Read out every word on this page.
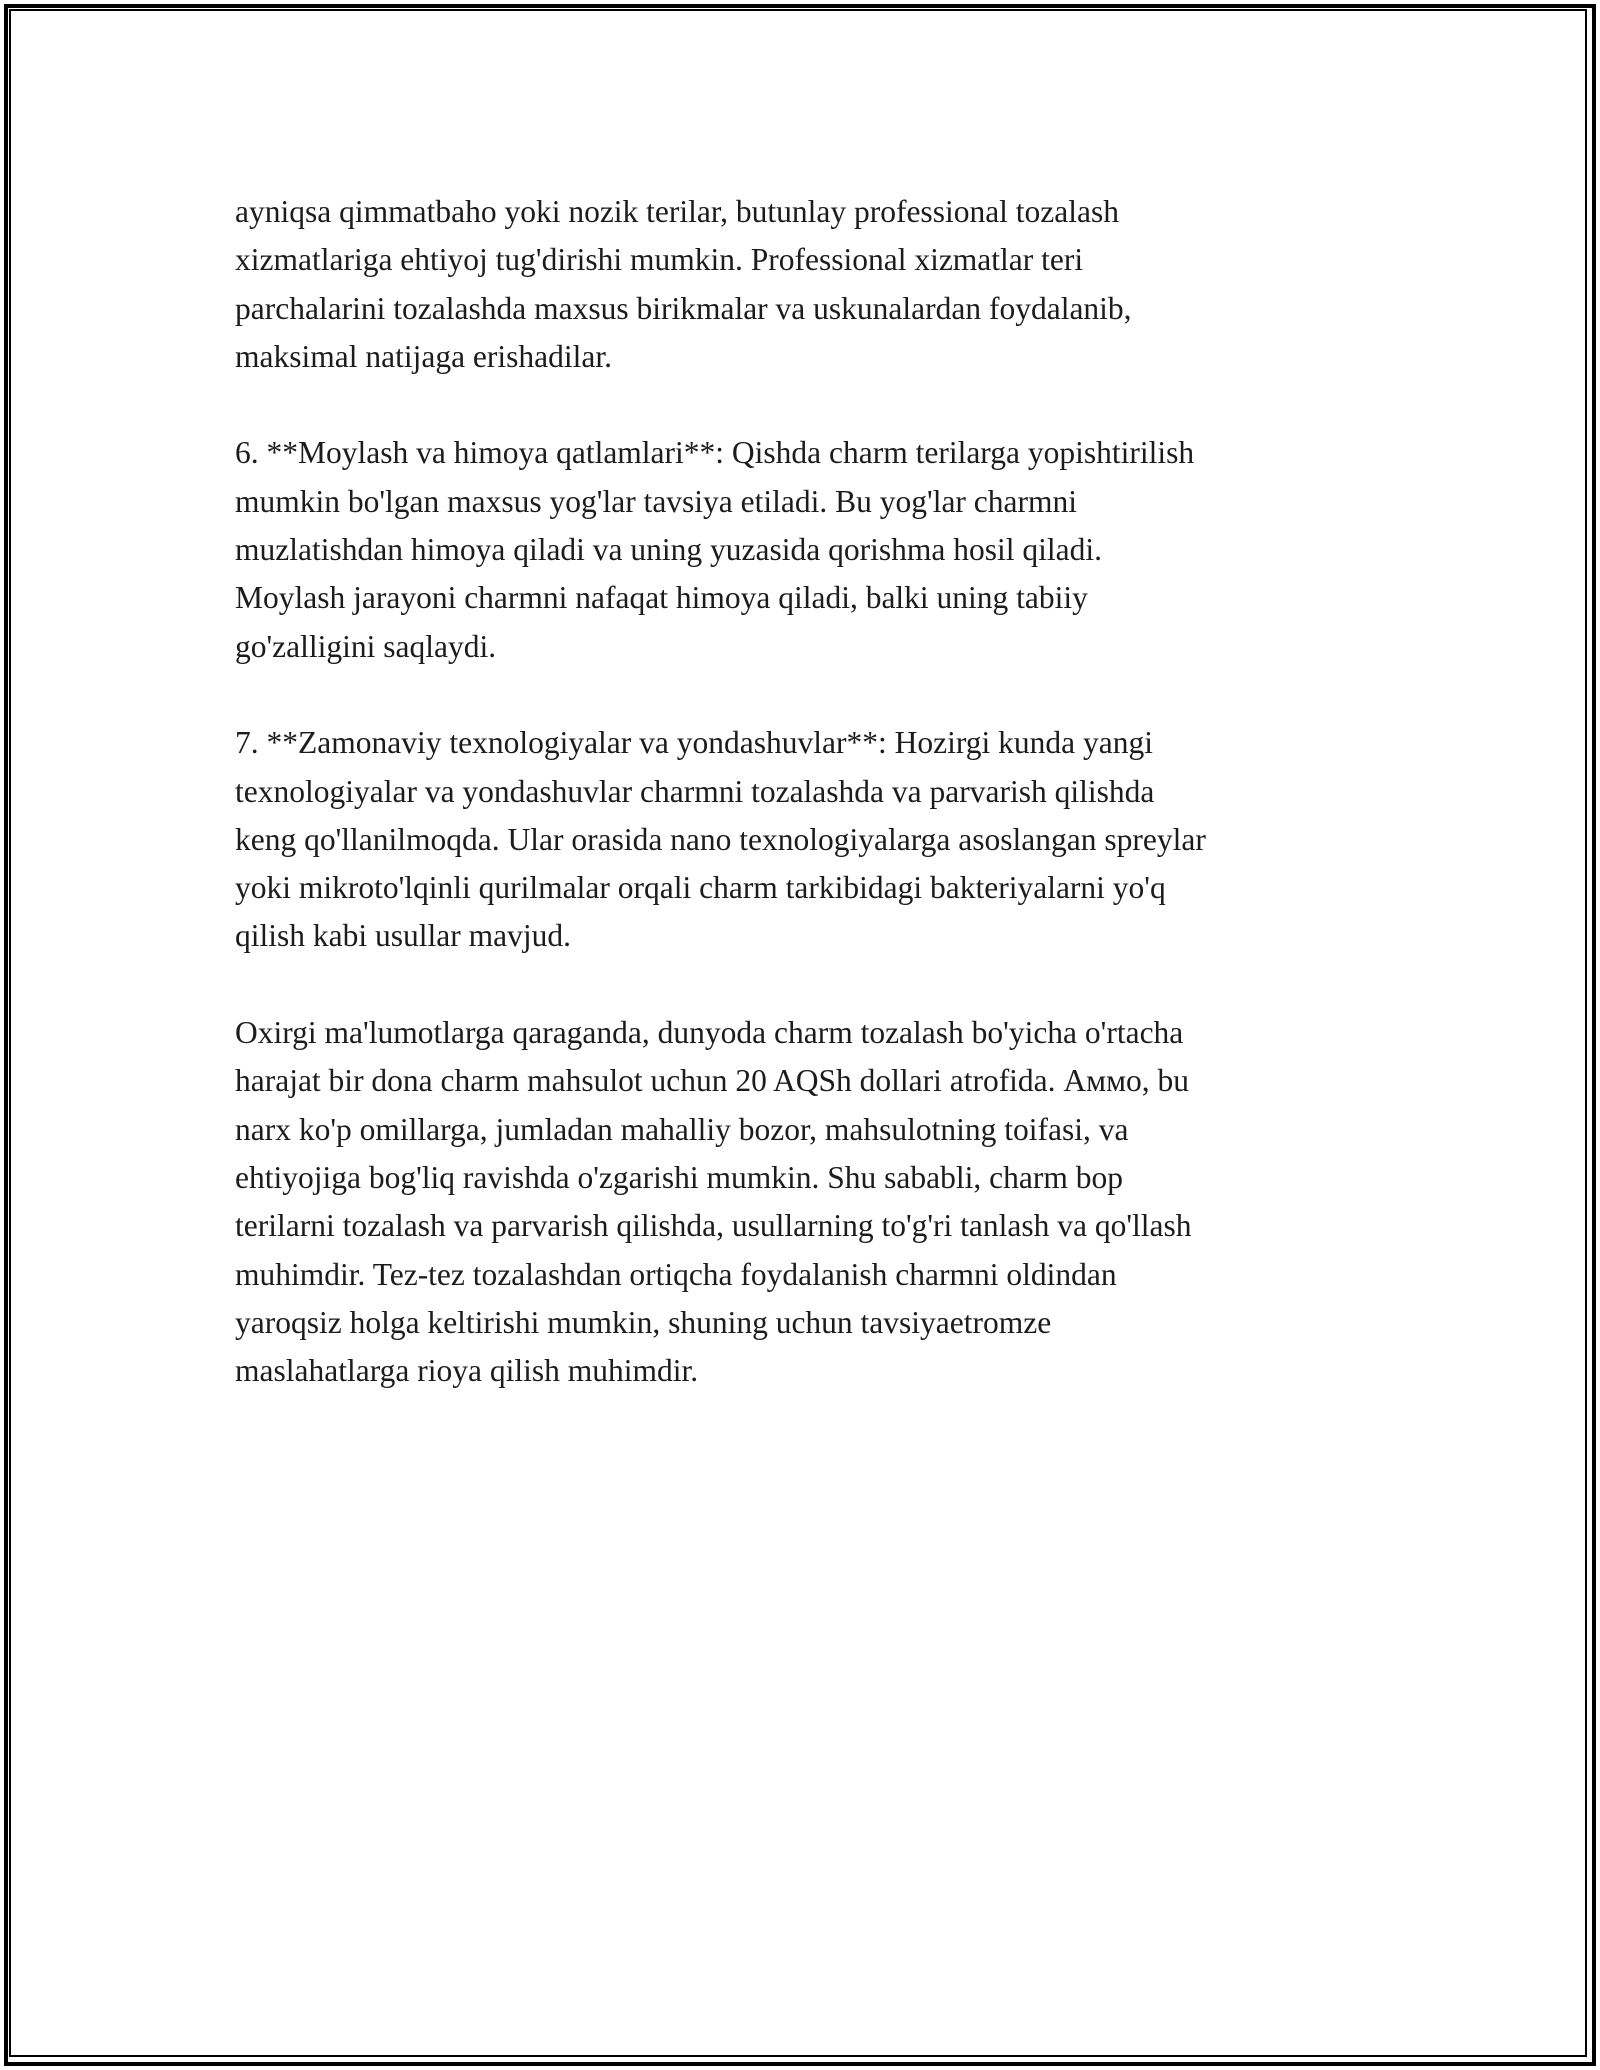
ayniqsa qimmatbaho yoki nozik terilar, butunlay professional tozalash
xizmatlariga ehtiyoj tug'dirishi mumkin. Professional xizmatlar teri
parchalarini tozalashda maxsus birikmalar va uskunalardan foydalanib,
maksimal natijaga erishadilar.

6. **Moylash va himoya qatlamlari**: Qishda charm terilarga yopishtirilish
mumkin bo'lgan maxsus yog'lar tavsiya etiladi. Bu yog'lar charmni
muzlatishdan himoya qiladi va uning yuzasida qorishma hosil qiladi.
Moylash jarayoni charmni nafaqat himoya qiladi, balki uning tabiiy
go'zalligini saqlaydi.

7. **Zamonaviy texnologiyalar va yondashuvlar**: Hozirgi kunda yangi
texnologiyalar va yondashuvlar charmni tozalashda va parvarish qilishda
keng qo'llanilmoqda. Ular orasida nano texnologiyalarga asoslangan spreylar
yoki mikroto'lqinli qurilmalar orqali charm tarkibidagi bakteriyalarni yo'q
qilish kabi usullar mavjud.

Oxirgi ma'lumotlarga qaraganda, dunyoda charm tozalash bo'yicha o'rtacha
harajat bir dona charm mahsulot uchun 20 AQSh dollari atrofida. Аммо, bu
narx ko'p omillarga, jumladan mahalliy bozor, mahsulotning toifasi, va
ehtiyojiga bog'liq ravishda o'zgarishi mumkin. Shu sababli, charm bop
terilarni tozalash va parvarish qilishda, usullarning to'g'ri tanlash va qo'llash
muhimdir. Tez-tez tozalashdan ortiqcha foydalanish charmni oldindan
yaroqsiz holga keltirishi mumkin, shuning uchun tavsiyaetromze
maslahatlarga rioya qilish muhimdir.
